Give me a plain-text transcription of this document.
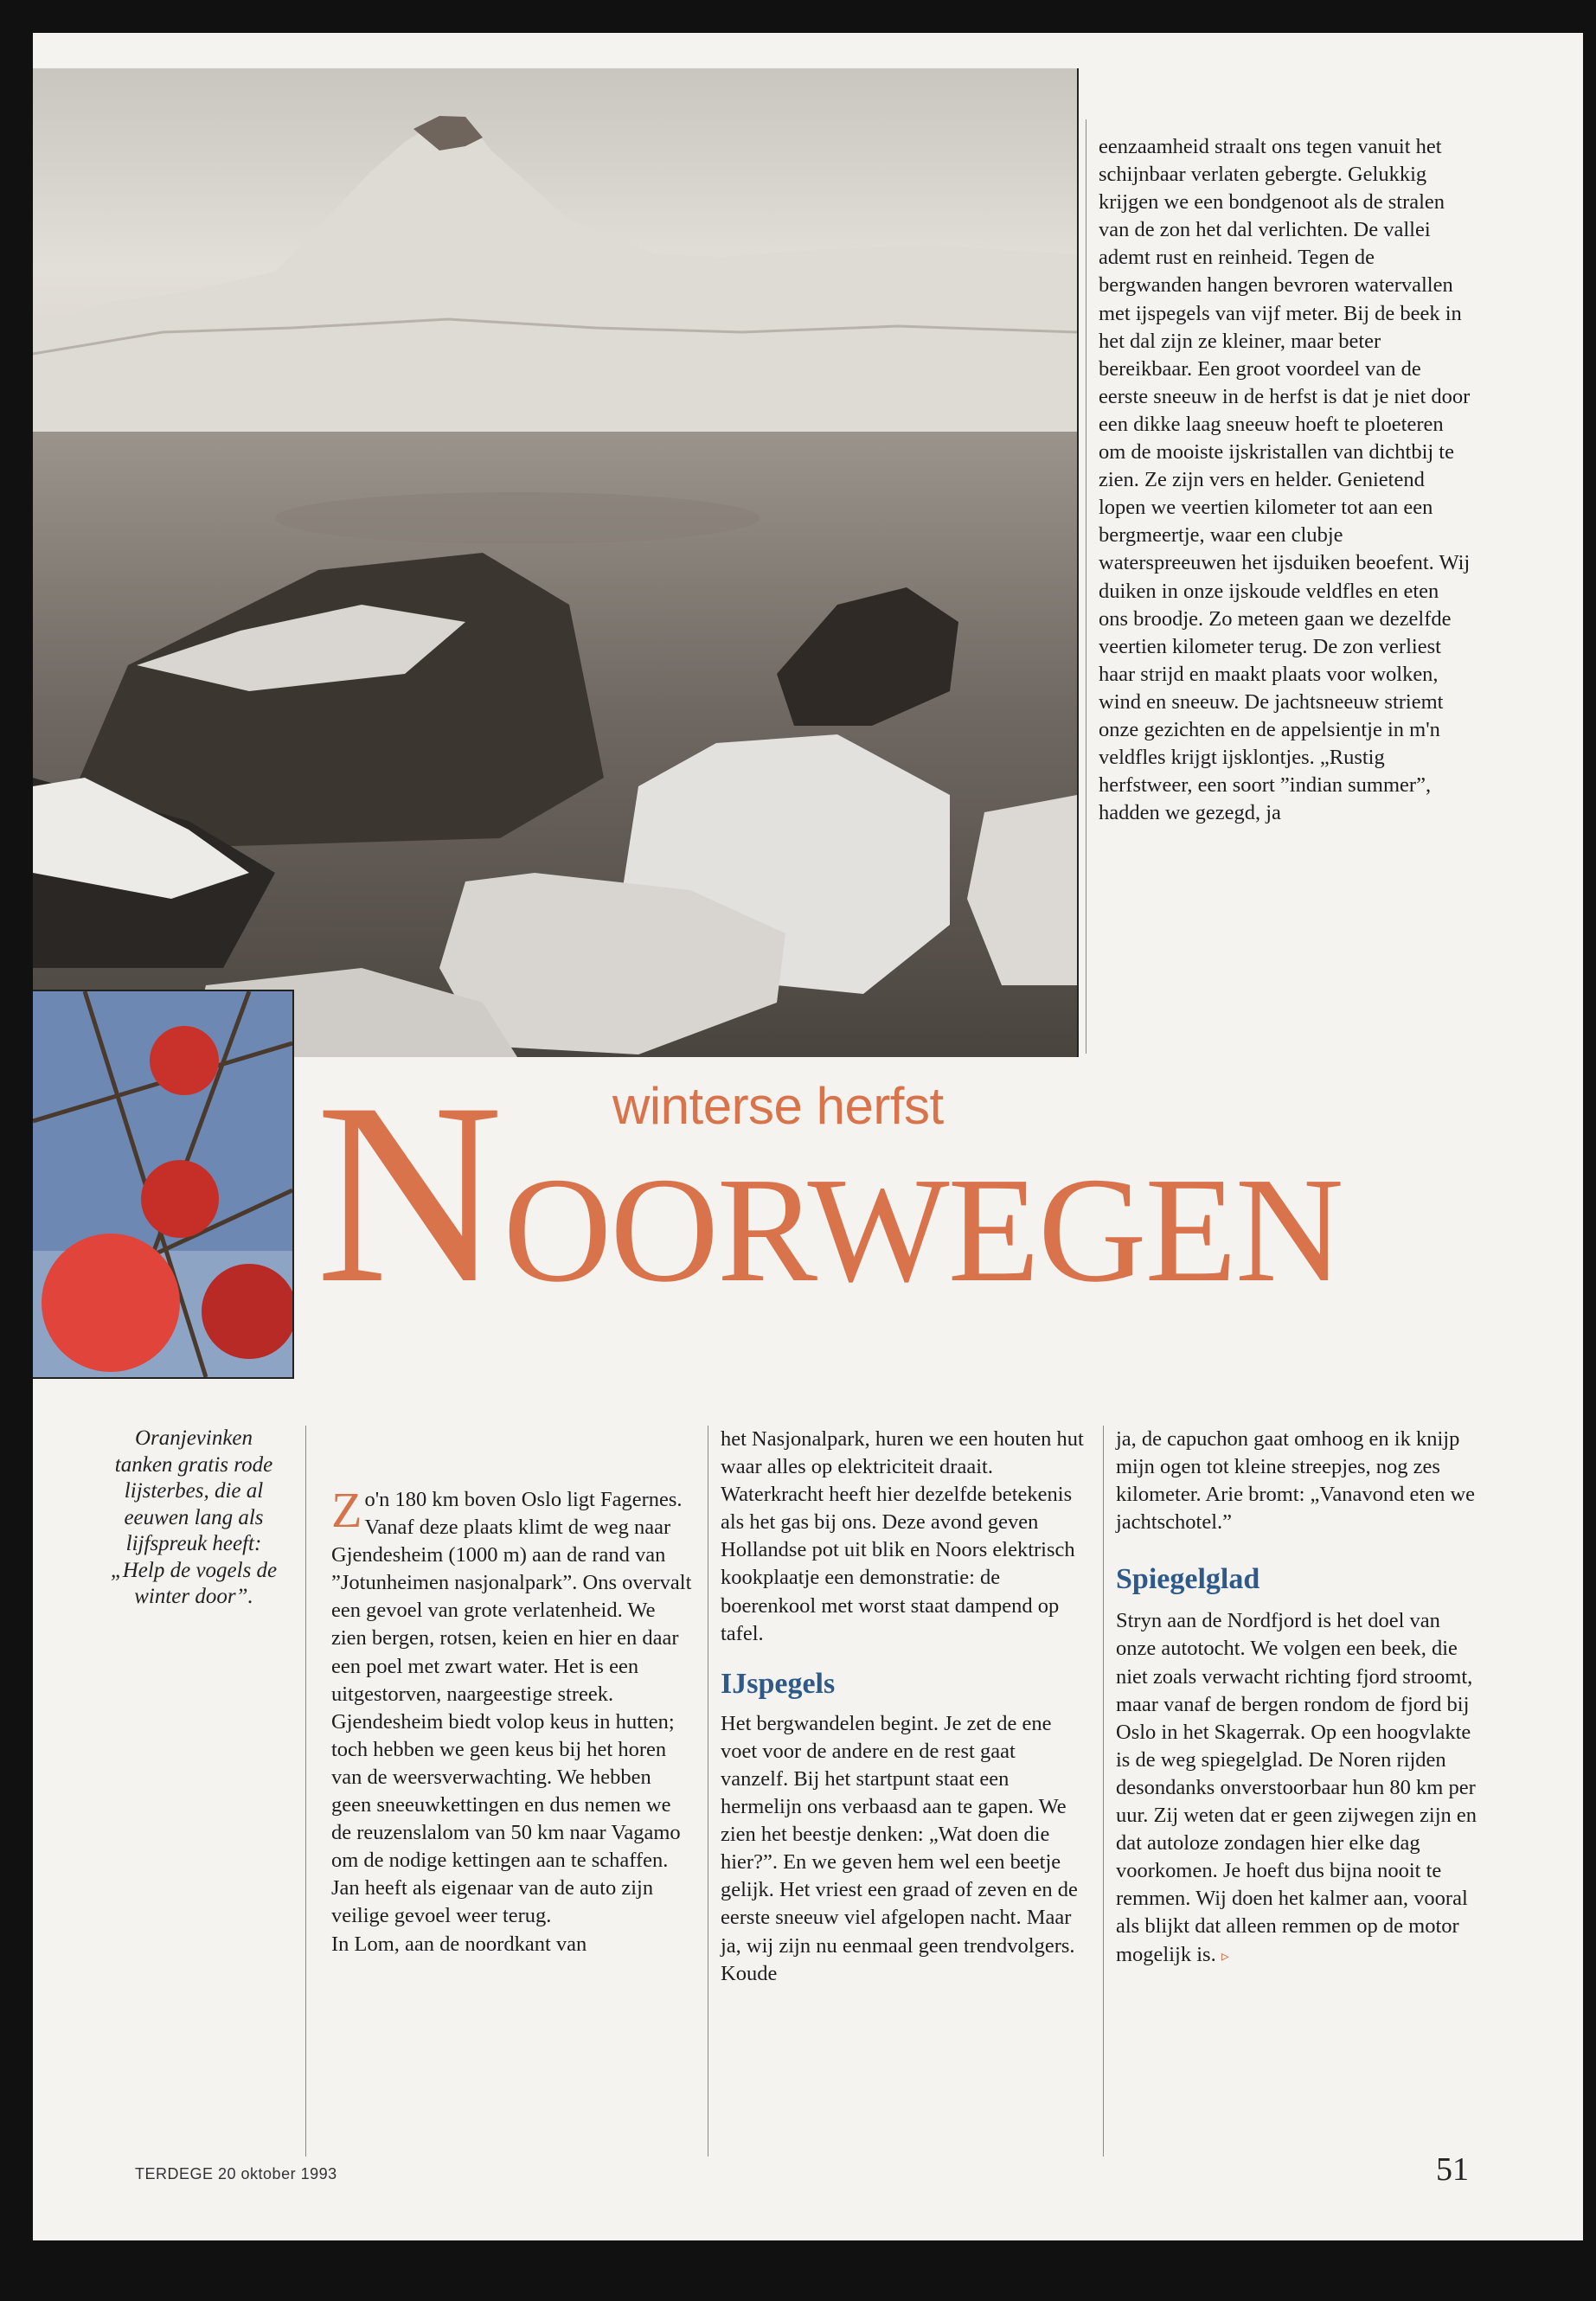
eenzaamheid straalt ons tegen vanuit het schijnbaar verlaten gebergte. Gelukkig krijgen we een bondgenoot als de stralen van de zon het dal verlichten. De vallei ademt rust en reinheid. Tegen de bergwanden hangen bevroren watervallen met ijspegels van vijf meter. Bij de beek in het dal zijn ze kleiner, maar beter bereikbaar. Een groot voordeel van de eerste sneeuw in de herfst is dat je niet door een dikke laag sneeuw hoeft te ploeteren om de mooiste ijskristallen van dichtbij te zien. Ze zijn vers en helder. Genietend lopen we veertien kilometer tot aan een bergmeertje, waar een clubje waterspreeuwen het ijsduiken beoefent. Wij duiken in onze ijskoude veldfles en eten ons broodje. Zo meteen gaan we dezelfde veertien kilometer terug. De zon verliest haar strijd en maakt plaats voor wolken, wind en sneeuw. De jachtsneeuw striemt onze gezichten en de appelsientje in m'n veldfles krijgt ijsklontjes. „Rustig herfstweer, een soort ”indian summer”, hadden we gezegd, ja

winterse herfst
NOORWEGEN
Oranjevinken tanken gratis rode lijsterbes, die al eeuwen lang als lijfspreuk heeft: „Help de vogels de winter door”.

Zo'n 180 km boven Oslo ligt Fagernes. Vanaf deze plaats klimt de weg naar Gjendesheim (1000 m) aan de rand van ”Jotunheimen nasjonalpark”. Ons overvalt een gevoel van grote verlatenheid. We zien bergen, rotsen, keien en hier en daar een poel met zwart water. Het is een uitgestorven, naargeestige streek.

Gjendesheim biedt volop keus in hutten; toch hebben we geen keus bij het horen van de weersverwachting. We hebben geen sneeuwkettingen en dus nemen we de reuzenslalom van 50 km naar Vagamo om de nodige kettingen aan te schaffen. Jan heeft als eigenaar van de auto zijn veilige gevoel weer terug.

In Lom, aan de noordkant van

het Nasjonalpark, huren we een houten hut waar alles op elektriciteit draait. Waterkracht heeft hier dezelfde betekenis als het gas bij ons. Deze avond geven Hollandse pot uit blik en Noors elektrisch kookplaatje een demonstratie: de boerenkool met worst staat dampend op tafel.

IJspegels

Het bergwandelen begint. Je zet de ene voet voor de andere en de rest gaat vanzelf. Bij het startpunt staat een hermelijn ons verbaasd aan te gapen. We zien het beestje denken: „Wat doen die hier?”. En we geven hem wel een beetje gelijk. Het vriest een graad of zeven en de eerste sneeuw viel afgelopen nacht. Maar ja, wij zijn nu eenmaal geen trendvolgers. Koude

ja, de capuchon gaat omhoog en ik knijp mijn ogen tot kleine streepjes, nog zes kilometer. Arie bromt: „Vanavond eten we jachtschotel.”

Spiegelglad

Stryn aan de Nordfjord is het doel van onze autotocht. We volgen een beek, die niet zoals verwacht richting fjord stroomt, maar vanaf de bergen rondom de fjord bij Oslo in het Skagerrak. Op een hoogvlakte is de weg spiegelglad. De Noren rijden desondanks onverstoorbaar hun 80 km per uur. Zij weten dat er geen zijwegen zijn en dat autoloze zondagen hier elke dag voorkomen. Je hoeft dus bijna nooit te remmen. Wij doen het kalmer aan, vooral als blijkt dat alleen remmen op de motor mogelijk is. ▹

TERDEGE 20 oktober 1993	51
